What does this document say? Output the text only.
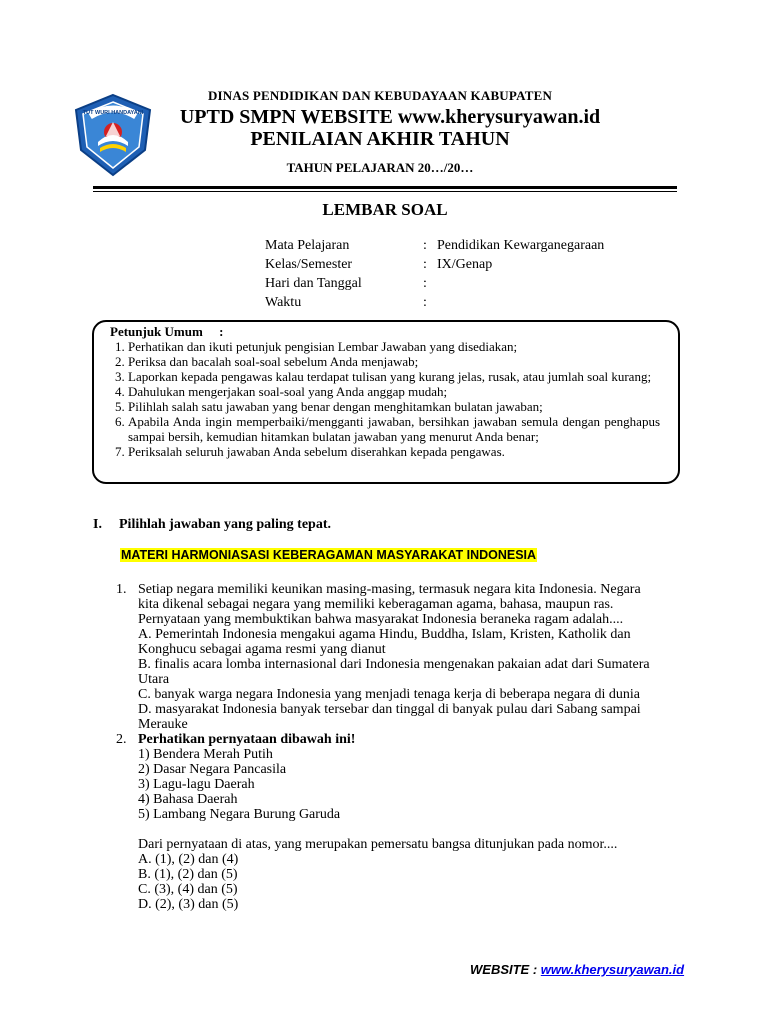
TUT WURI HANDAYANI
DINAS PENDIDIKAN DAN KEBUDAYAAN KABUPATEN
UPTD SMPN WEBSITE www.kherysuryawan.id
PENILAIAN AKHIR TAHUN
TAHUN PELAJARAN 20…/20…
LEMBAR SOAL
Mata Pelajaran	: Pendidikan Kewarganegaraan
Kelas/Semester	: IX/Genap
Hari dan Tanggal	:
Waktu	:
Petunjuk Umum     :
1. Perhatikan dan ikuti petunjuk pengisian Lembar Jawaban yang disediakan;
2. Periksa dan bacalah soal-soal sebelum Anda menjawab;
3. Laporkan kepada pengawas kalau terdapat tulisan yang kurang jelas, rusak, atau jumlah soal kurang;
4. Dahulukan mengerjakan soal-soal yang Anda anggap mudah;
5. Pilihlah salah satu jawaban yang benar dengan menghitamkan bulatan jawaban;
6. Apabila Anda ingin memperbaiki/mengganti jawaban, bersihkan jawaban semula dengan penghapus sampai bersih, kemudian hitamkan bulatan jawaban yang menurut Anda benar;
7. Periksalah seluruh jawaban Anda sebelum diserahkan kepada pengawas.
I. Pilihlah jawaban yang paling tepat.
MATERI HARMONIASASI KEBERAGAMAN MASYARAKAT INDONESIA
1. Setiap negara memiliki keunikan masing-masing, termasuk negara kita Indonesia. Negara kita dikenal sebagai negara yang memiliki keberagaman agama, bahasa, maupun ras. Pernyataan yang membuktikan bahwa masyarakat Indonesia beraneka ragam adalah....
A. Pemerintah Indonesia mengakui agama Hindu, Buddha, Islam, Kristen, Katholik dan Konghucu sebagai agama resmi yang dianut
B. finalis acara lomba internasional dari Indonesia mengenakan pakaian adat dari Sumatera Utara
C. banyak warga negara Indonesia yang menjadi tenaga kerja di beberapa negara di dunia
D. masyarakat Indonesia banyak tersebar dan tinggal di banyak pulau dari Sabang sampai Merauke
2. Perhatikan pernyataan dibawah ini!
1) Bendera Merah Putih
2) Dasar Negara Pancasila
3) Lagu-lagu Daerah
4) Bahasa Daerah
5) Lambang Negara Burung Garuda
Dari pernyataan di atas, yang merupakan pemersatu bangsa ditunjukan pada nomor....
A. (1), (2) dan (4)
B. (1), (2) dan (5)
C. (3), (4) dan (5)
D. (2), (3) dan (5)
WEBSITE : www.kherysuryawan.id
